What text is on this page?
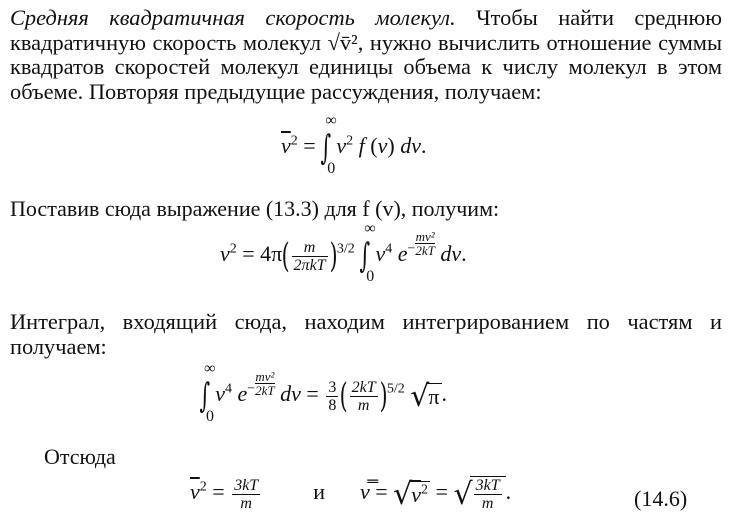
Средняя квадратичная скорость молекул. Чтобы найти среднюю квадратичную скорость молекул √v̄², нужно вычислить отношение суммы квадратов скоростей молекул единицы объема к числу молекул в этом объеме. Повторяя предыдущие рассуждения, получаем:
$\overline{v}^2$ =
∞
∫
0
$v^2$ f (v) dv.
Поставив сюда выражение (13.3) для f (v), получим:
$v^2 = 4\pi( \frac{m}{\text{2πkT}} )^{3/2}$
∞
∫
0
$v^4$ $e^- \frac{\text{mv²}}{2kT}$ dv.
Интеграл, входящий сюда, находим интегрированием по частям и получаем:
∞
∫
0
$v^4$ $e^- \frac{\text{mv²}}{2kT}$ dv = $\frac{3}{8}$ ( $\frac{2kT}{m} )^{5/2}$ √π.
Отсюда
$\overline{v}^2 = \frac{3kT}{m}$ и v̿ = $√v^2$ = √ $\frac{3kT}{m}$ .	(14.6)
